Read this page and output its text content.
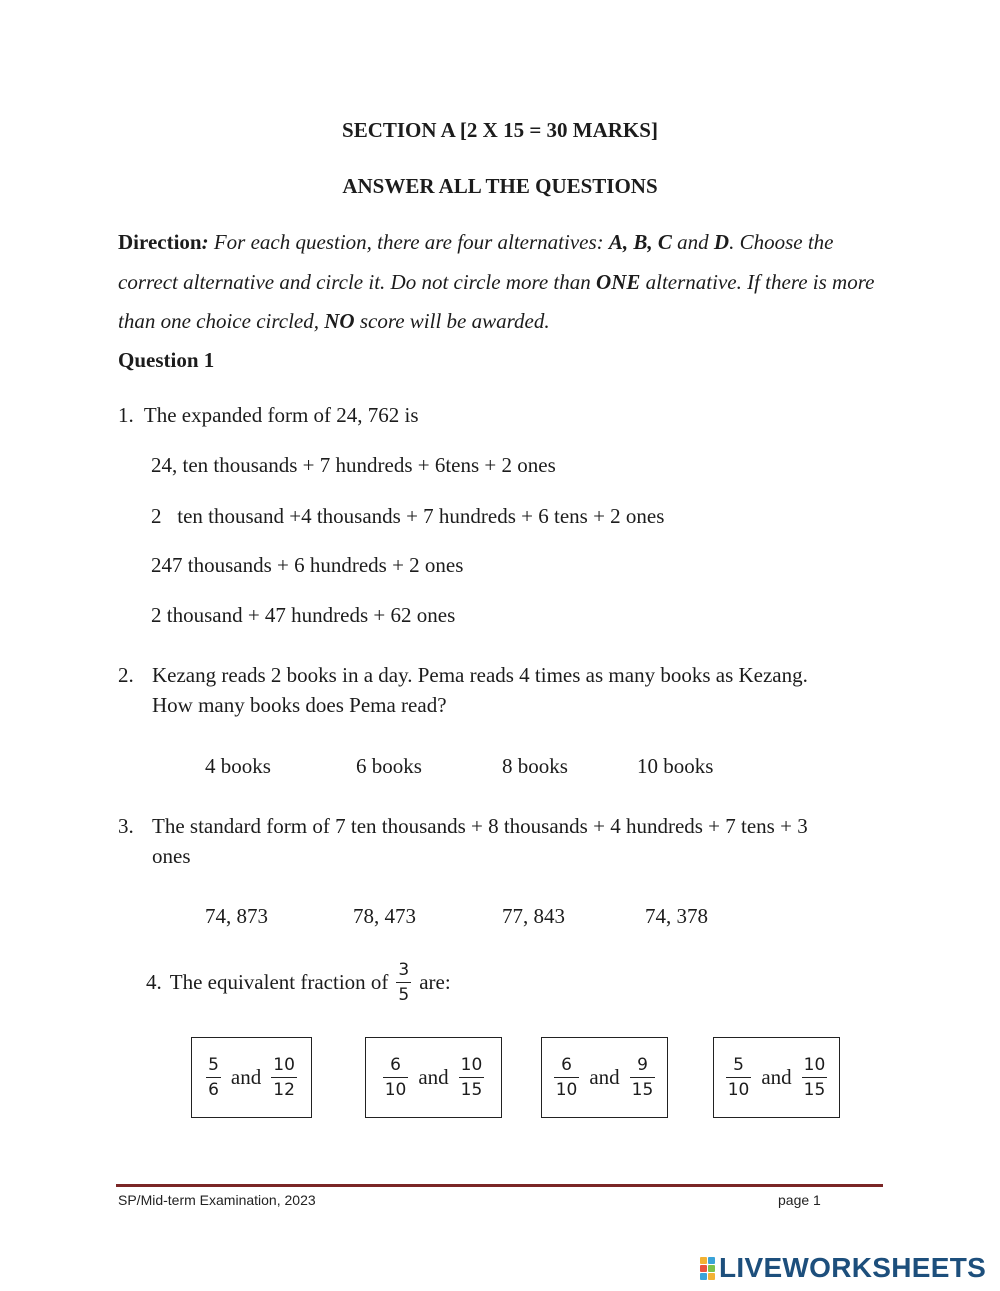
SECTION A [2 X 15 = 30 MARKS]
ANSWER ALL THE QUESTIONS
Direction: For each question, there are four alternatives: A, B, C and D. Choose the correct alternative and circle it. Do not circle more than ONE alternative. If there is more than one choice circled, NO score will be awarded.
Question 1
1. The expanded form of 24, 762 is
24, ten thousands + 7 hundreds + 6tens + 2 ones
2   ten thousand +4 thousands + 7 hundreds + 6 tens + 2 ones
247 thousands + 6 hundreds + 2 ones
2 thousand + 47 hundreds + 62 ones
2. Kezang reads 2 books in a day. Pema reads 4 times as many books as Kezang.
How many books does Pema read?
4 books	6 books	8 books	10 books
3. The standard form of 7 ten thousands + 8 thousands + 4 hundreds + 7 tens + 3
ones
74, 873	78, 473	77, 843	74, 378
4. The equivalent fraction of $\frac{3}{5}$ are:
$\frac{5}{6}$ and $\frac{10}{12}$	$\frac{6}{10}$ and $\frac{10}{15}$	$\frac{6}{10}$ and $\frac{9}{15}$	$\frac{5}{10}$ and $\frac{10}{15}$
SP/Mid-term Examination, 2023	page 1
LIVEWORKSHEETS
